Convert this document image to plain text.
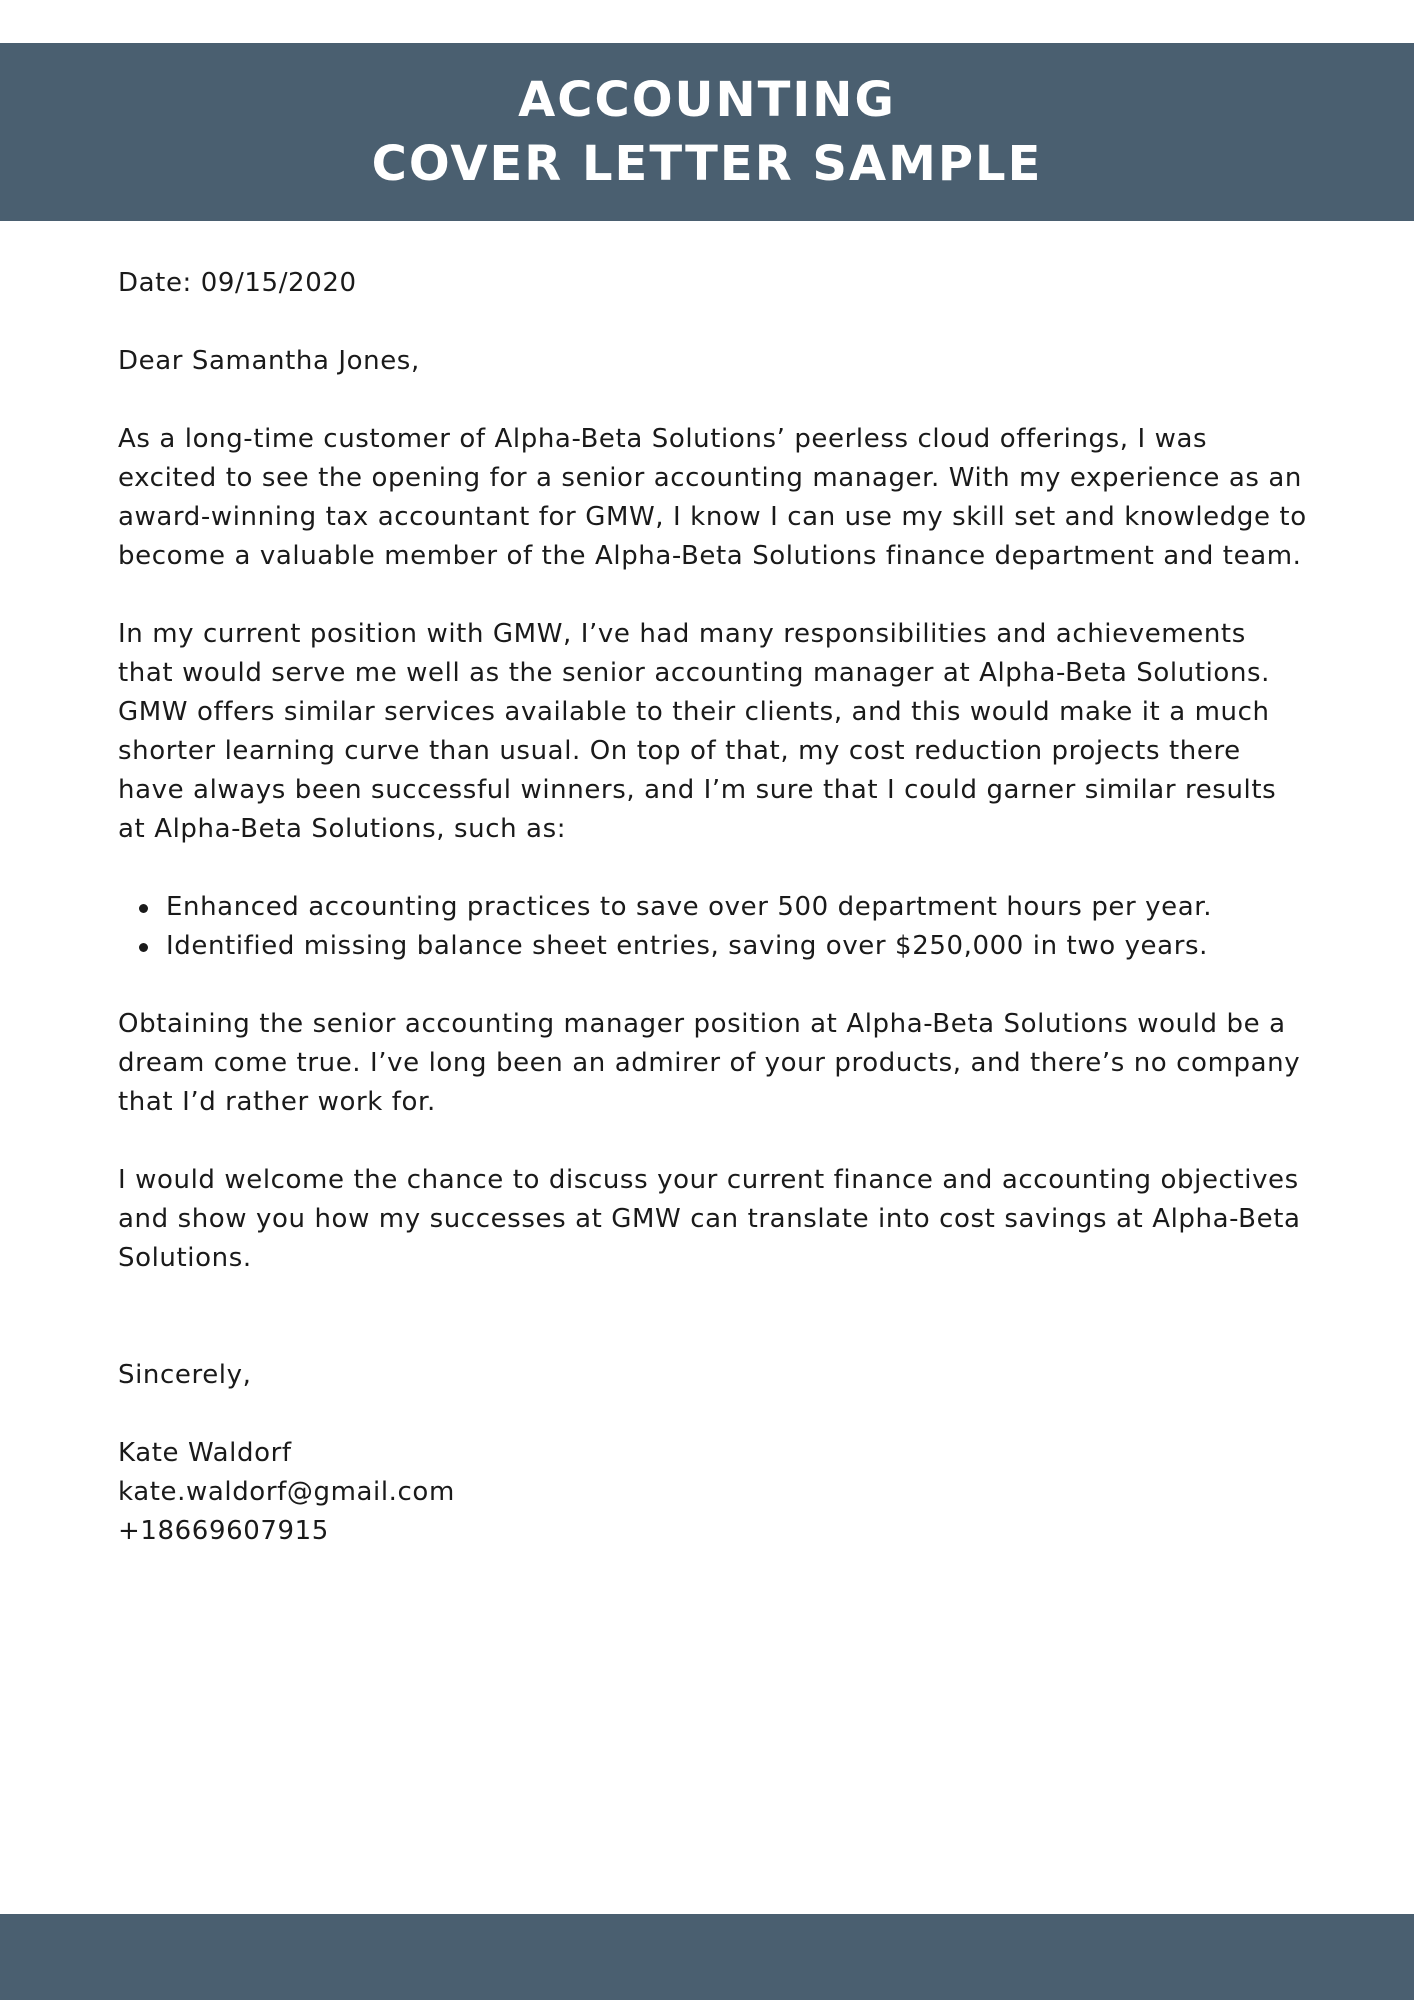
ACCOUNTING
COVER LETTER SAMPLE

Date: 09/15/2020

Dear Samantha Jones,

As a long-time customer of Alpha-Beta Solutions’ peerless cloud offerings, I was excited to see the opening for a senior accounting manager. With my experience as an award-winning tax accountant for GMW, I know I can use my skill set and knowledge to become a valuable member of the Alpha-Beta Solutions finance department and team.

In my current position with GMW, I’ve had many responsibilities and achievements that would serve me well as the senior accounting manager at Alpha-Beta Solutions. GMW offers similar services available to their clients, and this would make it a much shorter learning curve than usual. On top of that, my cost reduction projects there have always been successful winners, and I’m sure that I could garner similar results at Alpha-Beta Solutions, such as:

Enhanced accounting practices to save over 500 department hours per year.
Identified missing balance sheet entries, saving over $250,000 in two years.

Obtaining the senior accounting manager position at Alpha-Beta Solutions would be a dream come true. I’ve long been an admirer of your products, and there’s no company that I’d rather work for.

I would welcome the chance to discuss your current finance and accounting objectives and show you how my successes at GMW can translate into cost savings at Alpha-Beta Solutions.

Sincerely,

Kate Waldorf

kate.waldorf@gmail.com

+18669607915
